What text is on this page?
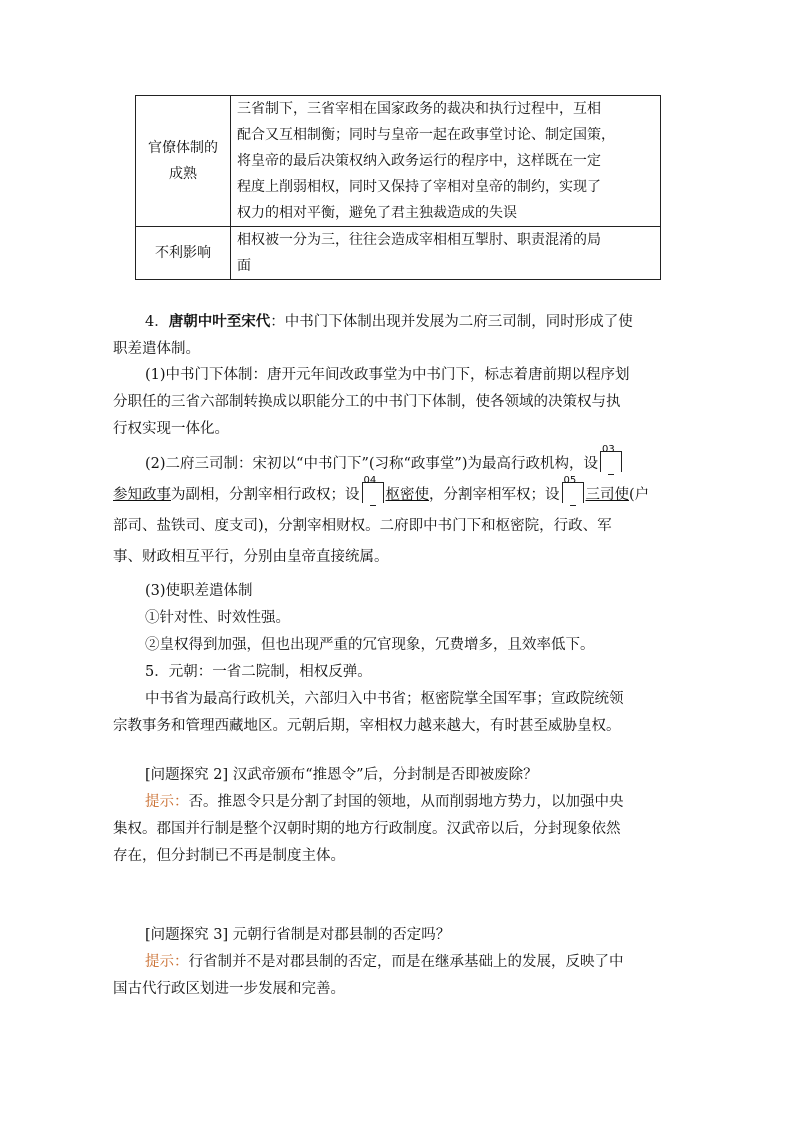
官僚体制的成熟	三省制下，三省宰相在国家政务的裁决和执行过程中，互相
配合又互相制衡；同时与皇帝一起在政事堂讨论、制定国策，
将皇帝的最后决策权纳入政务运行的程序中，这样既在一定
程度上削弱相权，同时又保持了宰相对皇帝的制约，实现了
权力的相对平衡，避免了君主独裁造成的失误

不利影响	相权被一分为三，往往会造成宰相相互掣肘、职责混淆的局
面
4．唐朝中叶至宋代：中书门下体制出现并发展为二府三司制，同时形成了使
职差遣体制。
(1)中书门下体制：唐开元年间改政事堂为中书门下，标志着唐前期以程序划
分职任的三省六部制转换成以职能分工的中书门下体制，使各领域的决策权与执
行权实现一体化。
(2)二府三司制：宋初以“中书门下”(习称“政事堂”)为最高行政机构，设
03
参知政事为副相，分割宰相行政权；设
04
枢密使，分割宰相军权；设
05
三司使(户
部司、盐铁司、度支司)，分割宰相财权。二府即中书门下和枢密院，行政、军
事、财政相互平行，分别由皇帝直接统属。
(3)使职差遣体制
①针对性、时效性强。
②皇权得到加强，但也出现严重的冗官现象，冗费增多，且效率低下。
5．元朝：一省二院制，相权反弹。
中书省为最高行政机关，六部归入中书省；枢密院掌全国军事；宣政院统领
宗教事务和管理西藏地区。元朝后期，宰相权力越来越大，有时甚至威胁皇权。
[问题探究 2] 汉武帝颁布“推恩令”后，分封制是否即被废除？
提示：否。推恩令只是分割了封国的领地，从而削弱地方势力，以加强中央
集权。郡国并行制是整个汉朝时期的地方行政制度。汉武帝以后，分封现象依然
存在，但分封制已不再是制度主体。
[问题探究 3] 元朝行省制是对郡县制的否定吗？
提示：行省制并不是对郡县制的否定，而是在继承基础上的发展，反映了中
国古代行政区划进一步发展和完善。
